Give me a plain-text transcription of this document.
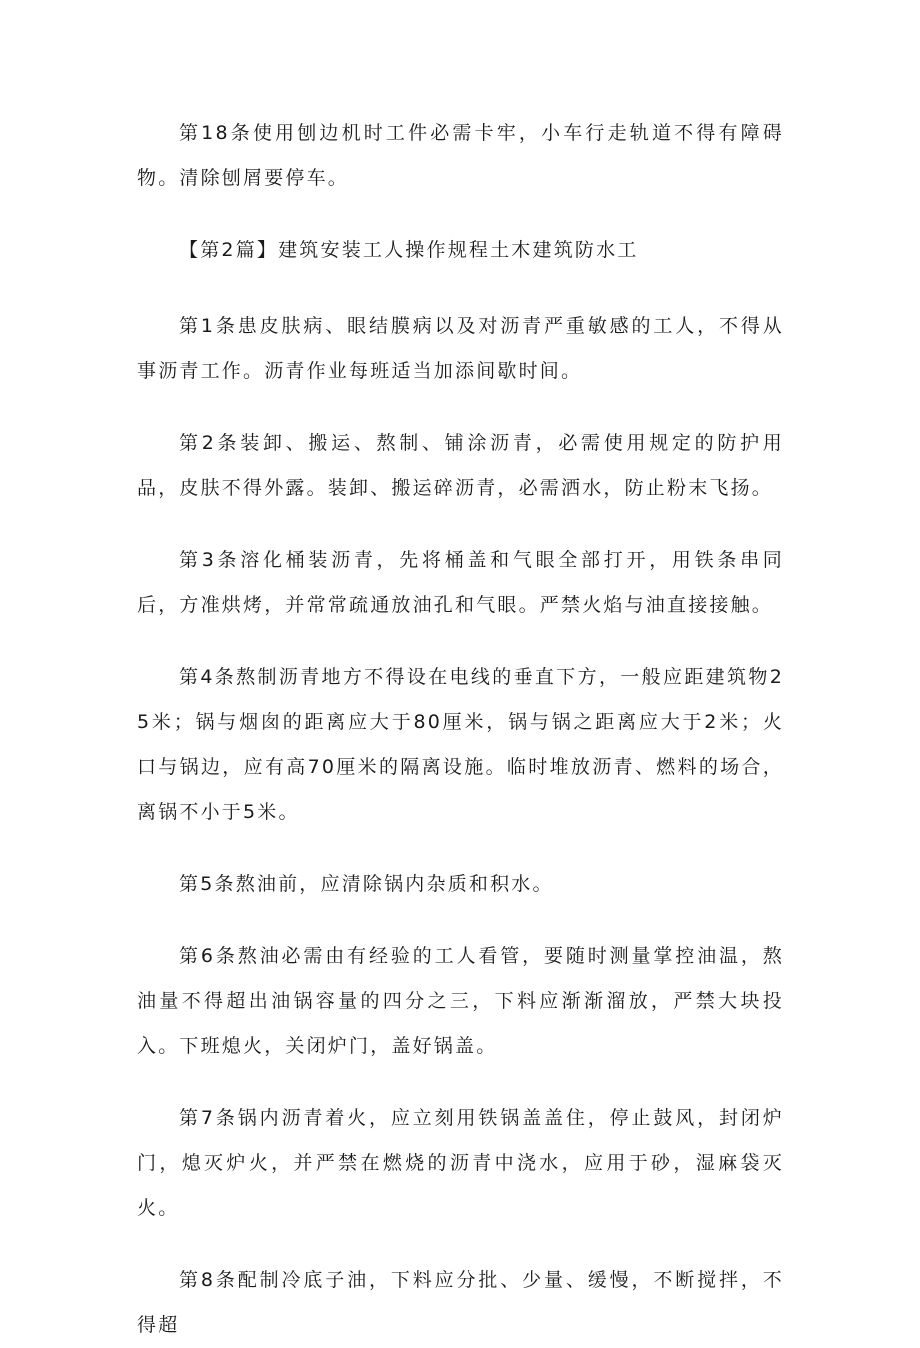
第18条使用刨边机时工件必需卡牢，小车行走轨道不得有障碍物。清除刨屑要停车。

【第2篇】建筑安装工人操作规程土木建筑防水工

第1条患皮肤病、眼结膜病以及对沥青严重敏感的工人，不得从事沥青工作。沥青作业每班适当加添间歇时间。

第2条装卸、搬运、熬制、铺涂沥青，必需使用规定的防护用品，皮肤不得外露。装卸、搬运碎沥青，必需洒水，防止粉末飞扬。

第3条溶化桶装沥青，先将桶盖和气眼全部打开，用铁条串同后，方准烘烤，并常常疏通放油孔和气眼。严禁火焰与油直接接触。

第4条熬制沥青地方不得设在电线的垂直下方，一般应距建筑物25米；锅与烟囱的距离应大于80厘米，锅与锅之距离应大于2米；火口与锅边，应有高70厘米的隔离设施。临时堆放沥青、燃料的场合，离锅不小于5米。

第5条熬油前，应清除锅内杂质和积水。

第6条熬油必需由有经验的工人看管，要随时测量掌控油温，熬油量不得超出油锅容量的四分之三，下料应渐渐溜放，严禁大块投入。下班熄火，关闭炉门，盖好锅盖。

第7条锅内沥青着火，应立刻用铁锅盖盖住，停止鼓风，封闭炉门，熄灭炉火，并严禁在燃烧的沥青中浇水，应用于砂，湿麻袋灭火。

第8条配制冷底子油，下料应分批、少量、缓慢，不断搅拌，不得超
